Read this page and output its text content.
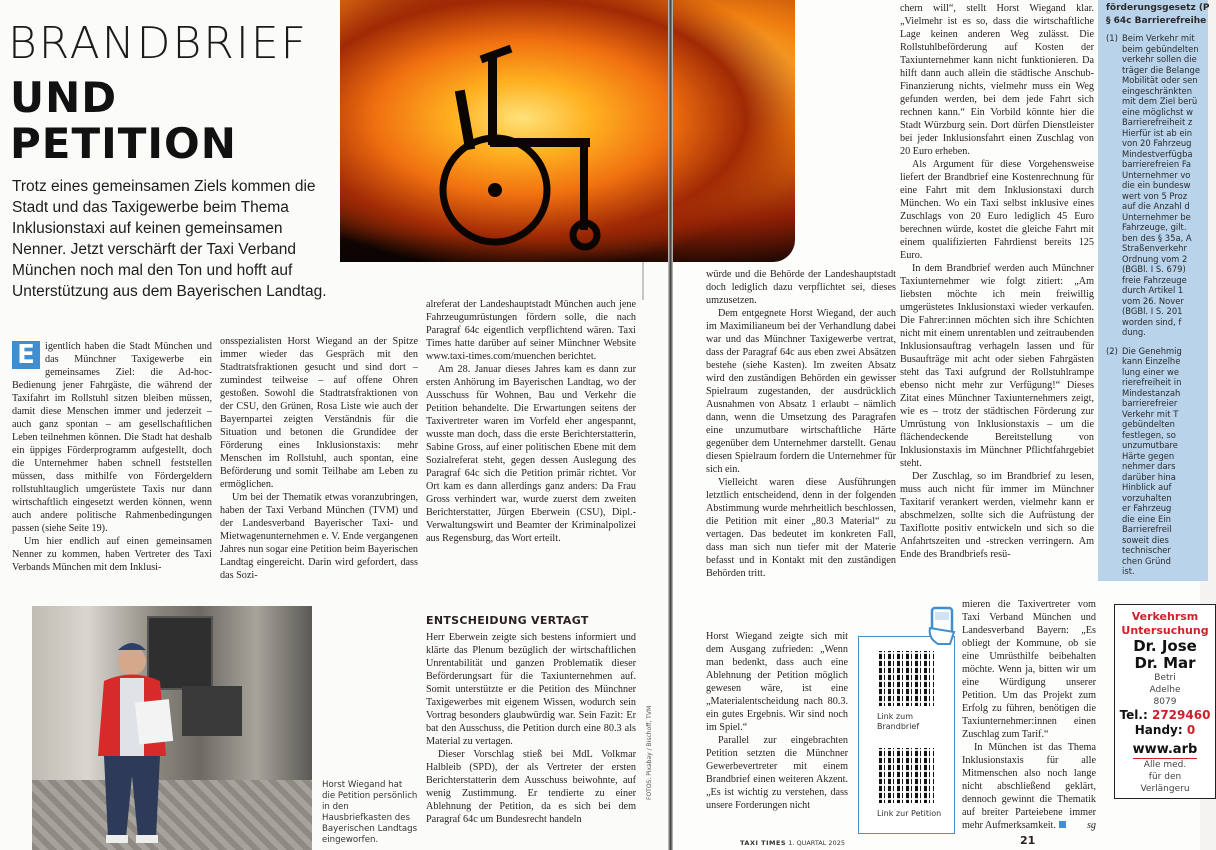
BRANDBRIEF
UND
PETITION
Trotz eines gemeinsamen Ziels kommen die Stadt und das Taxigewerbe beim Thema Inklusionstaxi auf keinen gemeinsamen Nenner. Jetzt verschärft der Taxi Verband München noch mal den Ton und hofft auf Unterstützung aus dem Bayerischen Landtag.

E igentlich haben die Stadt München und das Münchner Taxigewerbe ein gemeinsames Ziel: die Ad-hoc-Bedienung jener Fahrgäste, die während der Taxifahrt im Rollstuhl sitzen bleiben müssen, damit diese Menschen immer und jederzeit – auch ganz spontan – am gesellschaftlichen Leben teilnehmen können. Die Stadt hat deshalb ein üppiges Förderprogramm aufgestellt, doch die Unternehmer haben schnell feststellen müssen, dass mithilfe von Fördergeldern rollstuhltauglich umgerüstete Taxis nur dann wirtschaftlich eingesetzt werden können, wenn auch andere politische Rahmenbedingungen passen (siehe Seite 19).

Um hier endlich auf einen gemeinsamen Nenner zu kommen, haben Vertreter des Taxi Verbands München mit dem Inklusi-

onsspezialisten Horst Wiegand an der Spitze immer wieder das Gespräch mit den Stadtratsfraktionen gesucht und sind dort – zumindest teilweise – auf offene Ohren gestoßen. Sowohl die Stadtratsfraktionen von der CSU, den Grünen, Rosa Liste wie auch der Bayernpartei zeigten Verständnis für die Situation und betonen die Grundidee der Förderung eines Inklusionstaxis: mehr Menschen im Rollstuhl, auch spontan, eine Beförderung und somit Teilhabe am Leben zu ermöglichen.

Um bei der Thematik etwas voranzubringen, haben der Taxi Verband München (TVM) und der Landesverband Bayerischer Taxi- und Mietwagenunternehmen e. V. Ende vergangenen Jahres nun sogar eine Petition beim Bayerischen Landtag eingereicht. Darin wird gefordert, dass das Sozi-

alreferat der Landeshauptstadt München auch jene Fahrzeugumrüstungen fördern solle, die nach Paragraf 64c eigentlich verpflichtend wären. Taxi Times hatte darüber auf seiner Münchner Website www.taxi-times.com/muenchen berichtet.

Am 28. Januar dieses Jahres kam es dann zur ersten Anhörung im Bayerischen Landtag, wo der Ausschuss für Wohnen, Bau und Verkehr die Petition behandelte. Die Erwartungen seitens der Taxivertreter waren im Vorfeld eher angespannt, wusste man doch, dass die erste Berichterstatterin, Sabine Gross, auf einer politischen Ebene mit dem Sozialreferat steht, gegen dessen Auslegung des Paragraf 64c sich die Petition primär richtet. Vor Ort kam es dann allerdings ganz anders: Da Frau Gross verhindert war, wurde zuerst dem zweiten Berichterstatter, Jürgen Eberwein (CSU), Dipl.-Verwaltungswirt und Beamter der Kriminalpolizei aus Regensburg, das Wort erteilt.

ENTSCHEIDUNG VERTAGT

Herr Eberwein zeigte sich bestens informiert und klärte das Plenum bezüglich der wirtschaftlichen Unrentabilität und ganzen Problematik dieser Beförderungsart für die Taxiunternehmen auf. Somit unterstützte er die Petition des Münchner Taxigewerbes mit eigenem Wissen, wodurch sein Vortrag besonders glaubwürdig war. Sein Fazit: Er bat den Ausschuss, die Petition durch eine 80.3 als Material zu vertagen.

Dieser Vorschlag stieß bei MdL Volkmar Halbleib (SPD), der als Vertreter der ersten Berichterstatterin dem Ausschuss beiwohnte, auf wenig Zustimmung. Er tendierte zu einer Ablehnung der Petition, da es sich bei dem Paragraf 64c um Bundesrecht handeln

Horst Wiegand hat die Petition persönlich in den Hausbriefkasten des Bayerischen Landtags eingeworfen.
FOTOS: Pixabay / Bischoff, TVM

würde und die Behörde der Landeshauptstadt doch lediglich dazu verpflichtet sei, dieses umzusetzen.

Dem entgegnete Horst Wiegand, der auch im Maximilianeum bei der Verhandlung dabei war und das Münchner Taxigewerbe vertrat, dass der Paragraf 64c aus eben zwei Absätzen bestehe (siehe Kasten). Im zweiten Absatz wird den zuständigen Behörden ein gewisser Spielraum zugestanden, der ausdrücklich Ausnahmen von Absatz 1 erlaubt – nämlich dann, wenn die Umsetzung des Paragrafen eine unzumutbare wirtschaftliche Härte gegenüber dem Unternehmer darstellt. Genau diesen Spielraum fordern die Unternehmer für sich ein.

Vielleicht waren diese Ausführungen letztlich entscheidend, denn in der folgenden Abstimmung wurde mehrheitlich beschlossen, die Petition mit einer „80.3 Material“ zu vertagen. Das bedeutet im konkreten Fall, dass man sich nun tiefer mit der Materie befasst und in Kontakt mit den zuständigen Behörden tritt.

Horst Wiegand zeigte sich mit dem Ausgang zufrieden: „Wenn man bedenkt, dass auch eine Ablehnung der Petition möglich gewesen wäre, ist eine „Materialentscheidung nach 80.3. ein gutes Ergebnis. Wir sind noch im Spiel.“

Parallel zur eingebrachten Petition setzten die Münchner Gewerbevertreter mit einem Brandbrief einen weiteren Akzent. „Es ist wichtig zu verstehen, dass unsere Forderungen nicht

chern will“, stellt Horst Wiegand klar. „Vielmehr ist es so, dass die wirtschaftliche Lage keinen anderen Weg zulässt. Die Rollstuhlbeförderung auf Kosten der Taxiunternehmer kann nicht funktionieren. Da hilft dann auch allein die städtische Anschub-Finanzierung nichts, vielmehr muss ein Weg gefunden werden, bei dem jede Fahrt sich rechnen kann.“ Ein Vorbild könnte hier die Stadt Würzburg sein. Dort dürfen Dienstleister bei jeder Inklusionsfahrt einen Zuschlag von 20 Euro erheben.

Als Argument für diese Vorgehensweise liefert der Brandbrief eine Kostenrechnung für eine Fahrt mit dem Inklusionstaxi durch München. Wo ein Taxi selbst inklusive eines Zuschlags von 20 Euro lediglich 45 Euro berechnen würde, kostet die gleiche Fahrt mit einem qualifizierten Fahrdienst bereits 125 Euro.

In dem Brandbrief werden auch Münchner Taxiunternehmer wie folgt zitiert: „Am liebsten möchte ich mein freiwillig umgerüstetes Inklusionstaxi wieder verkaufen. Die Fahrer:innen möchten sich ihre Schichten nicht mit einem unrentablen und zeitraubenden Inklusionsauftrag verhageln lassen und für Busaufträge mit acht oder sieben Fahrgästen steht das Taxi aufgrund der Rollstuhlrampe ebenso nicht mehr zur Verfügung!“ Dieses Zitat eines Münchner Taxiunternehmers zeigt, wie es – trotz der städtischen Förderung zur Umrüstung von Inklusionstaxis – um die flächendeckende Bereitstellung von Inklusionstaxis im Münchner Pflichtfahrgebiet steht.

Der Zuschlag, so im Brandbrief zu lesen, muss auch nicht für immer im Münchner Taxitarif verankert werden, vielmehr kann er abschmelzen, sollte sich die Aufrüstung der Taxiflotte positiv entwickeln und sich so die Anfahrtszeiten und -strecken verringern. Am Ende des Brandbriefs resü-

mieren die Taxivertreter vom Taxi Verband München und Landesverband Bayern: „Es obliegt der Kommune, ob sie eine Umrüsthilfe beibehalten möchte. Wenn ja, bitten wir um eine Würdigung unserer Petition. Um das Projekt zum Erfolg zu führen, benötigen die Taxiunternehmer:innen einen Zuschlag zum Tarif.“

In München ist das Thema Inklusionstaxis für alle Mitmenschen also noch lange nicht abschließend geklärt, dennoch gewinnt die Thematik auf breiter Parteiebene immer mehr Aufmerksamkeit.	sg

Link zum Brandbrief
Link zur Petition
förderungsgesetz (P
§ 64c Barrierefreihe
(1) Beim Verkehr mit
beim gebündelten
verkehr sollen die
träger die Belange
Mobilität oder sen
eingeschränkten
mit dem Ziel berü
eine möglichst w
Barrierefreiheit z
Hierfür ist ab ein
von 20 Fahrzeug
Mindestverfügba
barrierefreien Fa
Unternehmer vo
die ein bundesw
wert von 5 Proz
auf die Anzahl d
Unternehmer be
Fahrzeuge, gilt.
ben des § 35a, A
Straßenverkehr
Ordnung vom 2
(BGBl. I S. 679)
freie Fahrzeuge
durch Artikel 1
vom 26. Nover
(BGBl. I S. 201
worden sind, f
dung.
(2) Die Genehmig
kann Einzelhe
lung einer we
rierefreiheit in
Mindestanzah
barrierefreier
Verkehr mit T
gebündelten
festlegen, so
unzumutbare
Härte gegen
nehmer dars
darüber hina
Hinblick auf
vorzuhalten
er Fahrzeug
die eine Ein
Barrierefreil
soweit dies
technischer
chen Gründ
ist.
Verkehrsm
Untersuchung
Dr. Jose
Dr. Mar
Betri
Adelhe
8079
Tel.: 2729460
Handy: 0
www.arb
Alle med.
für den
Verlängeru
TAXI TIMES 1. QUARTAL 2025	21
